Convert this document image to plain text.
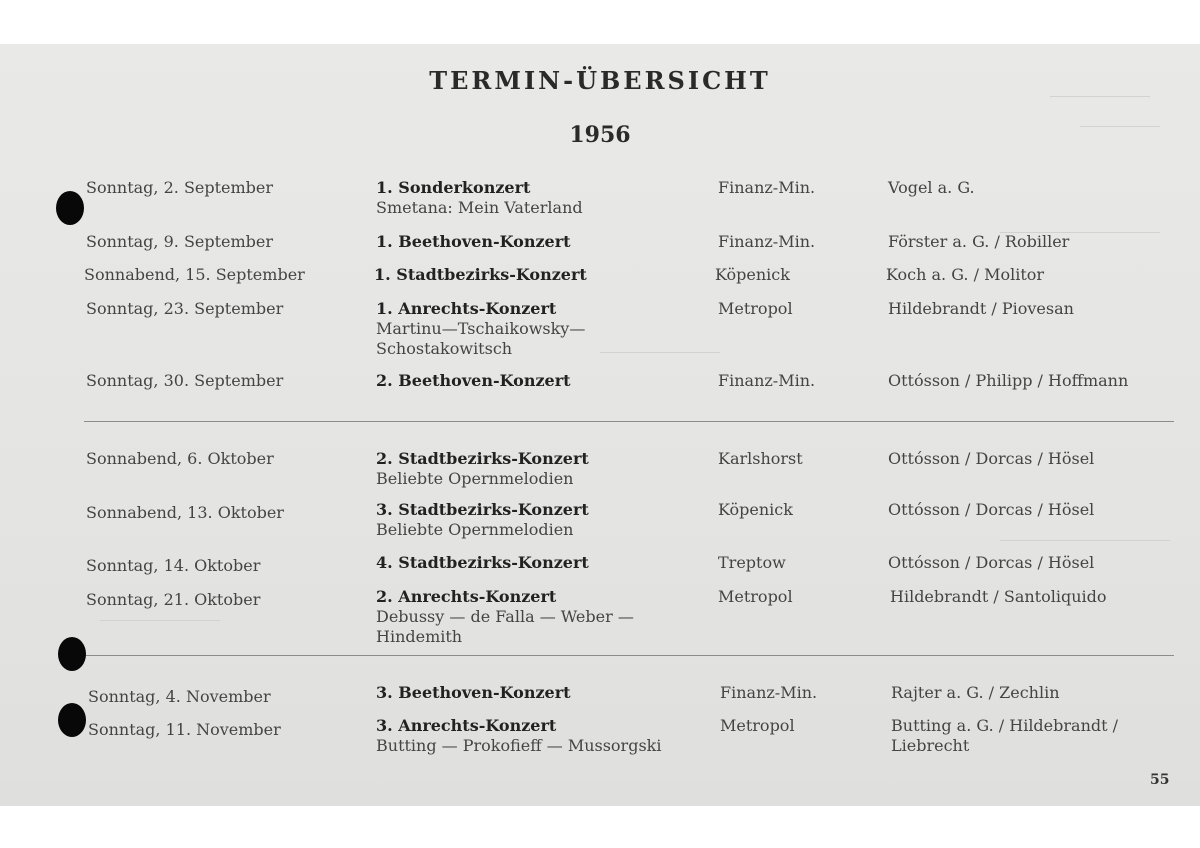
TERMIN-ÜBERSICHT
1956
Sonntag, 2. September	1. Sonderkonzert
Smetana: Mein Vaterland
Finanz-Min.	Vogel a. G.
Sonntag, 9. September	1. Beethoven-Konzert	Finanz-Min.	Förster a. G. / Robiller
Sonnabend, 15. September	1. Stadtbezirks-Konzert	Köpenick	Koch a. G. / Molitor
Sonntag, 23. September	1. Anrechts-Konzert
Martinu—Tschaikowsky—
Schostakowitsch
Metropol	Hildebrandt / Piovesan
Sonntag, 30. September	2. Beethoven-Konzert	Finanz-Min.	Ottósson / Philipp / Hoffmann
Sonnabend, 6. Oktober	2. Stadtbezirks-Konzert
Beliebte Opernmelodien
Karlshorst	Ottósson / Dorcas / Hösel
Sonnabend, 13. Oktober	3. Stadtbezirks-Konzert
Beliebte Opernmelodien
Köpenick	Ottósson / Dorcas / Hösel
Sonntag, 14. Oktober	4. Stadtbezirks-Konzert	Treptow	Ottósson / Dorcas / Hösel
Sonntag, 21. Oktober	2. Anrechts-Konzert
Debussy — de Falla — Weber —
Hindemith
Metropol	Hildebrandt / Santoliquido
Sonntag, 4. November	3. Beethoven-Konzert	Finanz-Min.	Rajter a. G. / Zechlin
Sonntag, 11. November	3. Anrechts-Konzert
Butting — Prokofieff — Mussorgski
Metropol	Butting a. G. / Hildebrandt /
Liebrecht
55
